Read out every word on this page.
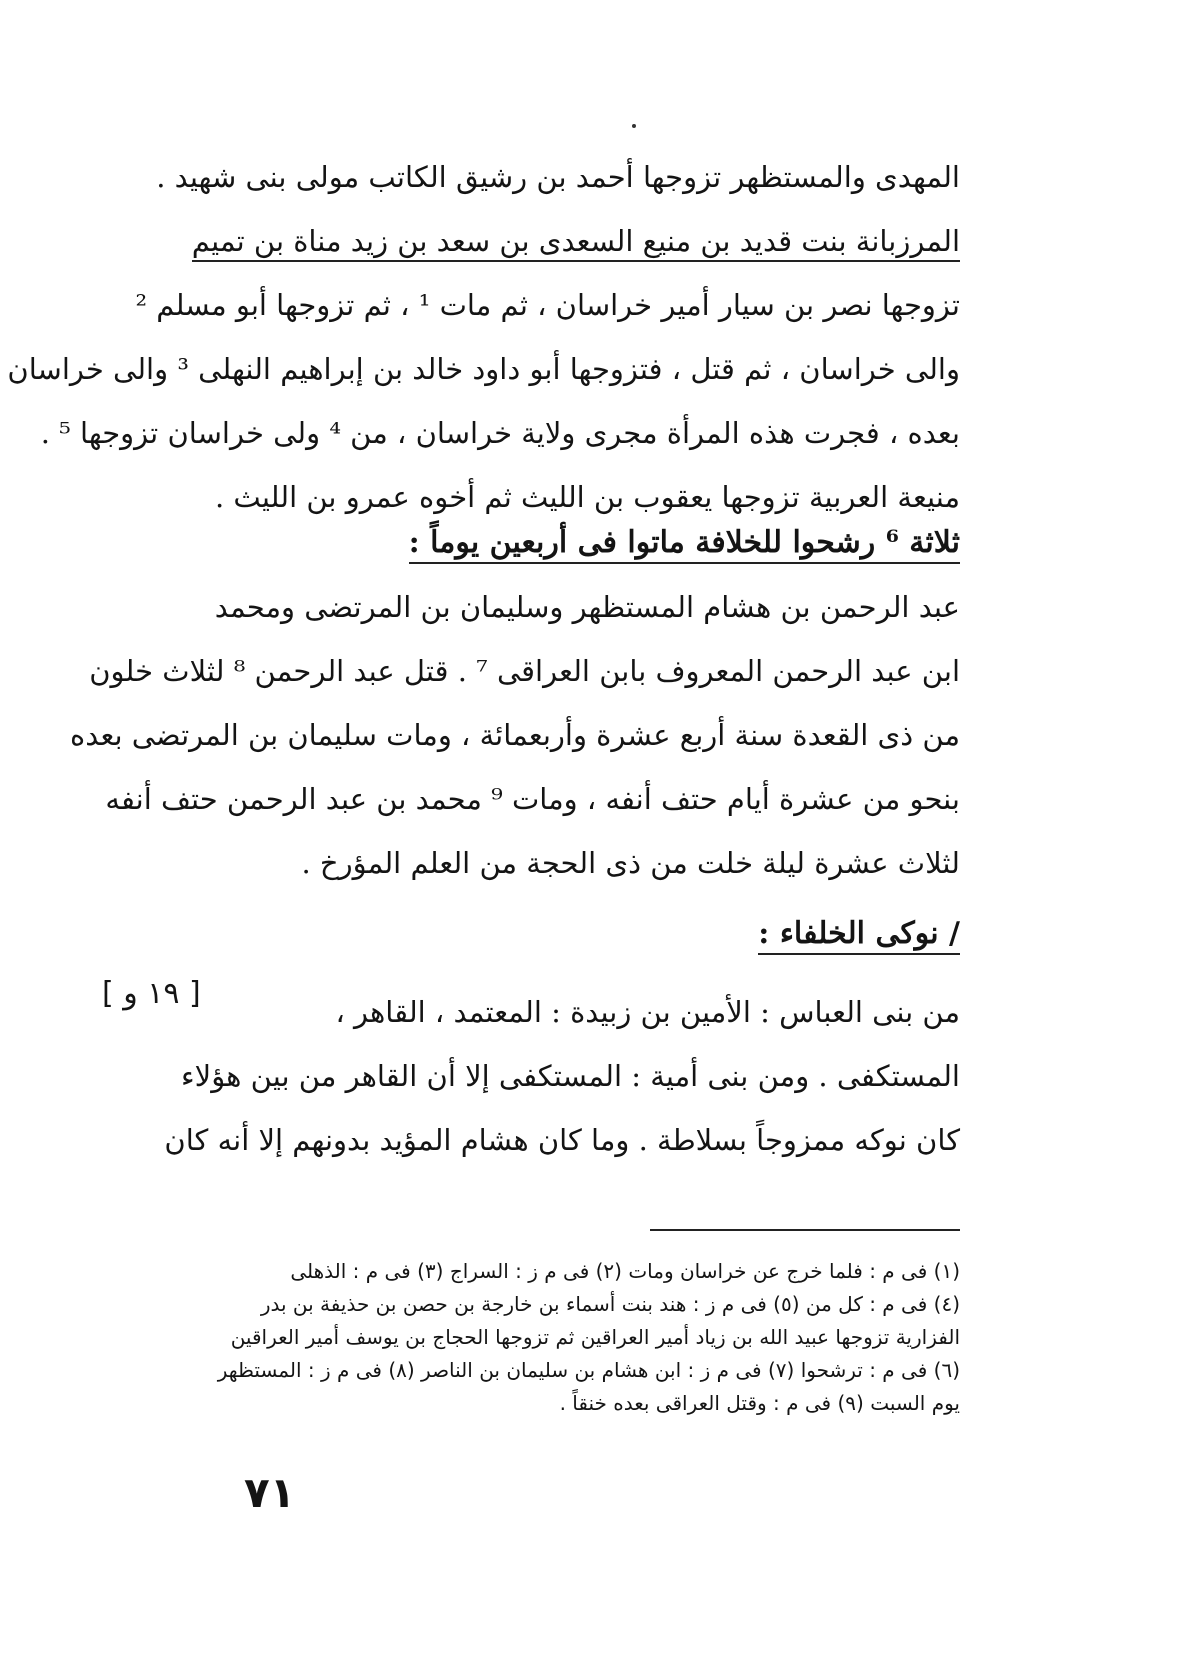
المهدى والمستظهر تزوجها أحمد بن رشيق الكاتب مولى بنى شهيد .
المرزبانة بنت قديد بن منيع السعدى بن سعد بن زيد مناة بن تميم
تزوجها نصر بن سيار أمير خراسان ، ثم مات ¹ ، ثم تزوجها أبو مسلم ²
والى خراسان ، ثم قتل ، فتزوجها أبو داود خالد بن إبراهيم النهلى ³ والى خراسان
بعده ، فجرت هذه المرأة مجرى ولاية خراسان ، من ⁴ ولى خراسان تزوجها ⁵ .
منيعة العربية تزوجها يعقوب بن الليث ثم أخوه عمرو بن الليث .
ثلاثة ⁶ رشحوا للخلافة ماتوا فى أربعين يوماً :
عبد الرحمن بن هشام المستظهر وسليمان بن المرتضى ومحمد
ابن عبد الرحمن المعروف بابن العراقى ⁷ . قتل عبد الرحمن ⁸ لثلاث خلون
من ذى القعدة سنة أربع عشرة وأربعمائة ، ومات سليمان بن المرتضى بعده
بنحو من عشرة أيام حتف أنفه ، ومات ⁹ محمد بن عبد الرحمن حتف أنفه
لثلاث عشرة ليلة خلت من ذى الحجة من العلم المؤرخ .
/ نوكى الخلفاء :
[ ١٩ و ]
من بنى العباس : الأمين بن زبيدة : المعتمد ، القاهر ،
المستكفى . ومن بنى أمية : المستكفى إلا أن القاهر من بين هؤلاء
كان نوكه ممزوجاً بسلاطة . وما كان هشام المؤيد بدونهم إلا أنه كان
(١) فى م : فلما خرج عن خراسان ومات (٢) فى م ز : السراج (٣) فى م : الذهلى
(٤) فى م : كل من (٥) فى م ز : هند بنت أسماء بن خارجة بن حصن بن حذيفة بن بدر
الفزارية تزوجها عبيد الله بن زياد أمير العراقين ثم تزوجها الحجاج بن يوسف أمير العراقين
(٦) فى م : ترشحوا (٧) فى م ز : ابن هشام بن سليمان بن الناصر (٨) فى م ز : المستظهر
يوم السبت (٩) فى م : وقتل العراقى بعده خنقاً .
٧١
